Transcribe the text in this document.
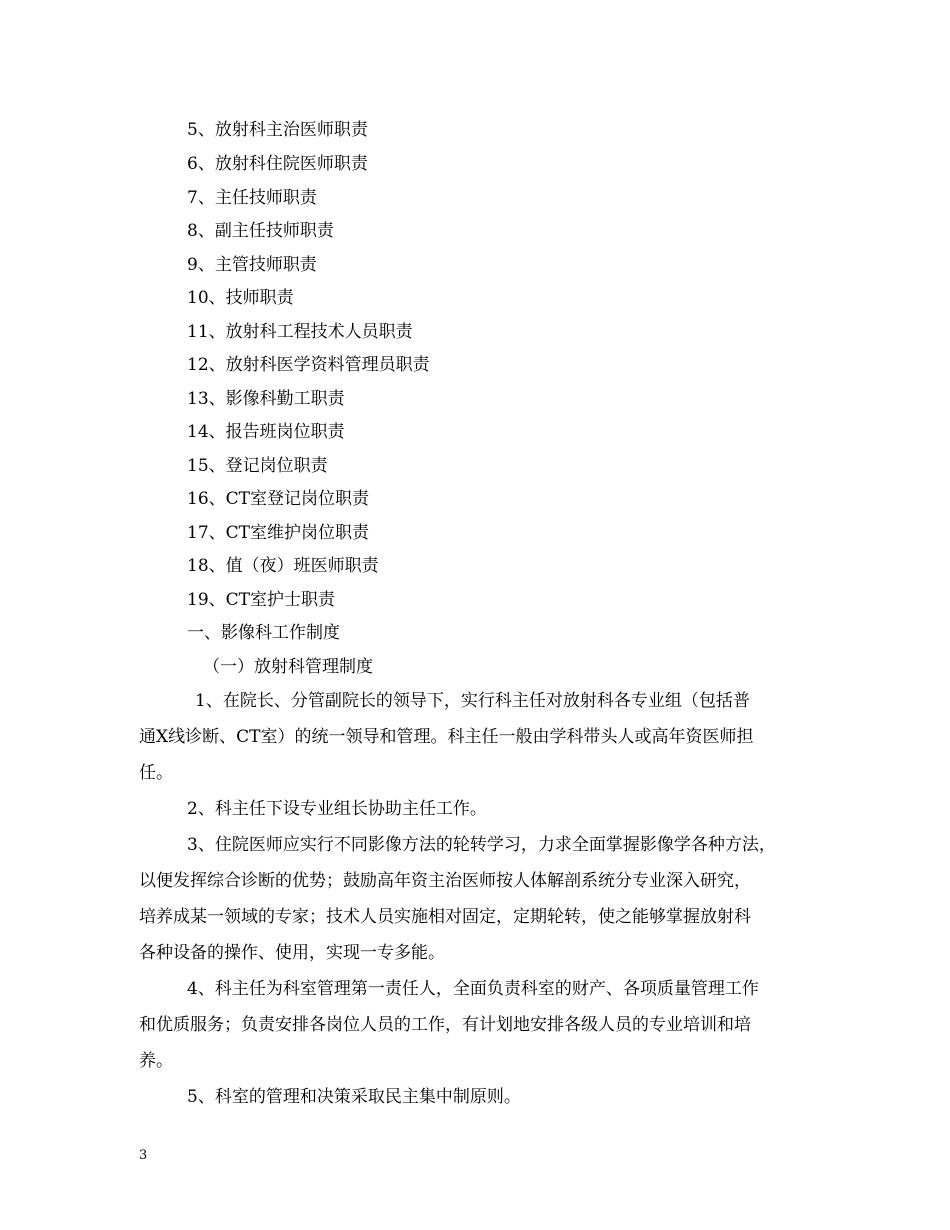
5、放射科主治医师职责
6、放射科住院医师职责
7、主任技师职责
8、副主任技师职责
9、主管技师职责
10、技师职责
11、放射科工程技术人员职责
12、放射科医学资料管理员职责
13、影像科勤工职责
14、报告班岗位职责
15、登记岗位职责
16、CT室登记岗位职责
17、CT室维护岗位职责
18、值（夜）班医师职责
19、CT室护士职责
一、影像科工作制度
（一）放射科管理制度
1、在院长、分管副院长的领导下，实行科主任对放射科各专业组（包括普
通X线诊断、CT室）的统一领导和管理。科主任一般由学科带头人或高年资医师担
任。
2、科主任下设专业组长协助主任工作。
3、住院医师应实行不同影像方法的轮转学习，力求全面掌握影像学各种方法，
以便发挥综合诊断的优势；鼓励高年资主治医师按人体解剖系统分专业深入研究，
培养成某一领域的专家；技术人员实施相对固定，定期轮转，使之能够掌握放射科
各种设备的操作、使用，实现一专多能。
4、科主任为科室管理第一责任人，全面负责科室的财产、各项质量管理工作
和优质服务；负责安排各岗位人员的工作，有计划地安排各级人员的专业培训和培
养。
5、科室的管理和决策采取民主集中制原则。
3
